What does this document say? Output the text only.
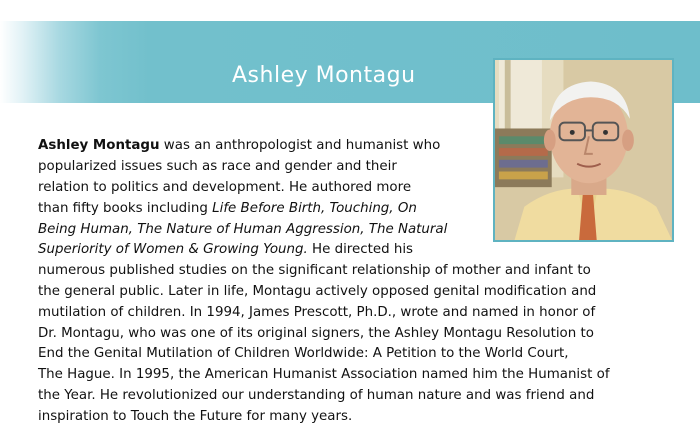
Ashley Montagu
Ashley Montagu was an anthropologist and humanist who
popularized issues such as race and gender and their
relation to politics and development. He authored more
than fifty books including Life Before Birth, Touching, On
Being Human, The Nature of Human Aggression, The Natural
Superiority of Women & Growing Young. He directed his
numerous published studies on the significant relationship of mother and infant to
the general public. Later in life, Montagu actively opposed genital modification and
mutilation of children. In 1994, James Prescott, Ph.D., wrote and named in honor of
Dr. Montagu, who was one of its original signers, the Ashley Montagu Resolution to
End the Genital Mutilation of Children Worldwide: A Petition to the World Court,
The Hague. In 1995, the American Humanist Association named him the Humanist of
the Year. He revolutionized our understanding of human nature and was friend and
inspiration to Touch the Future for many years.
